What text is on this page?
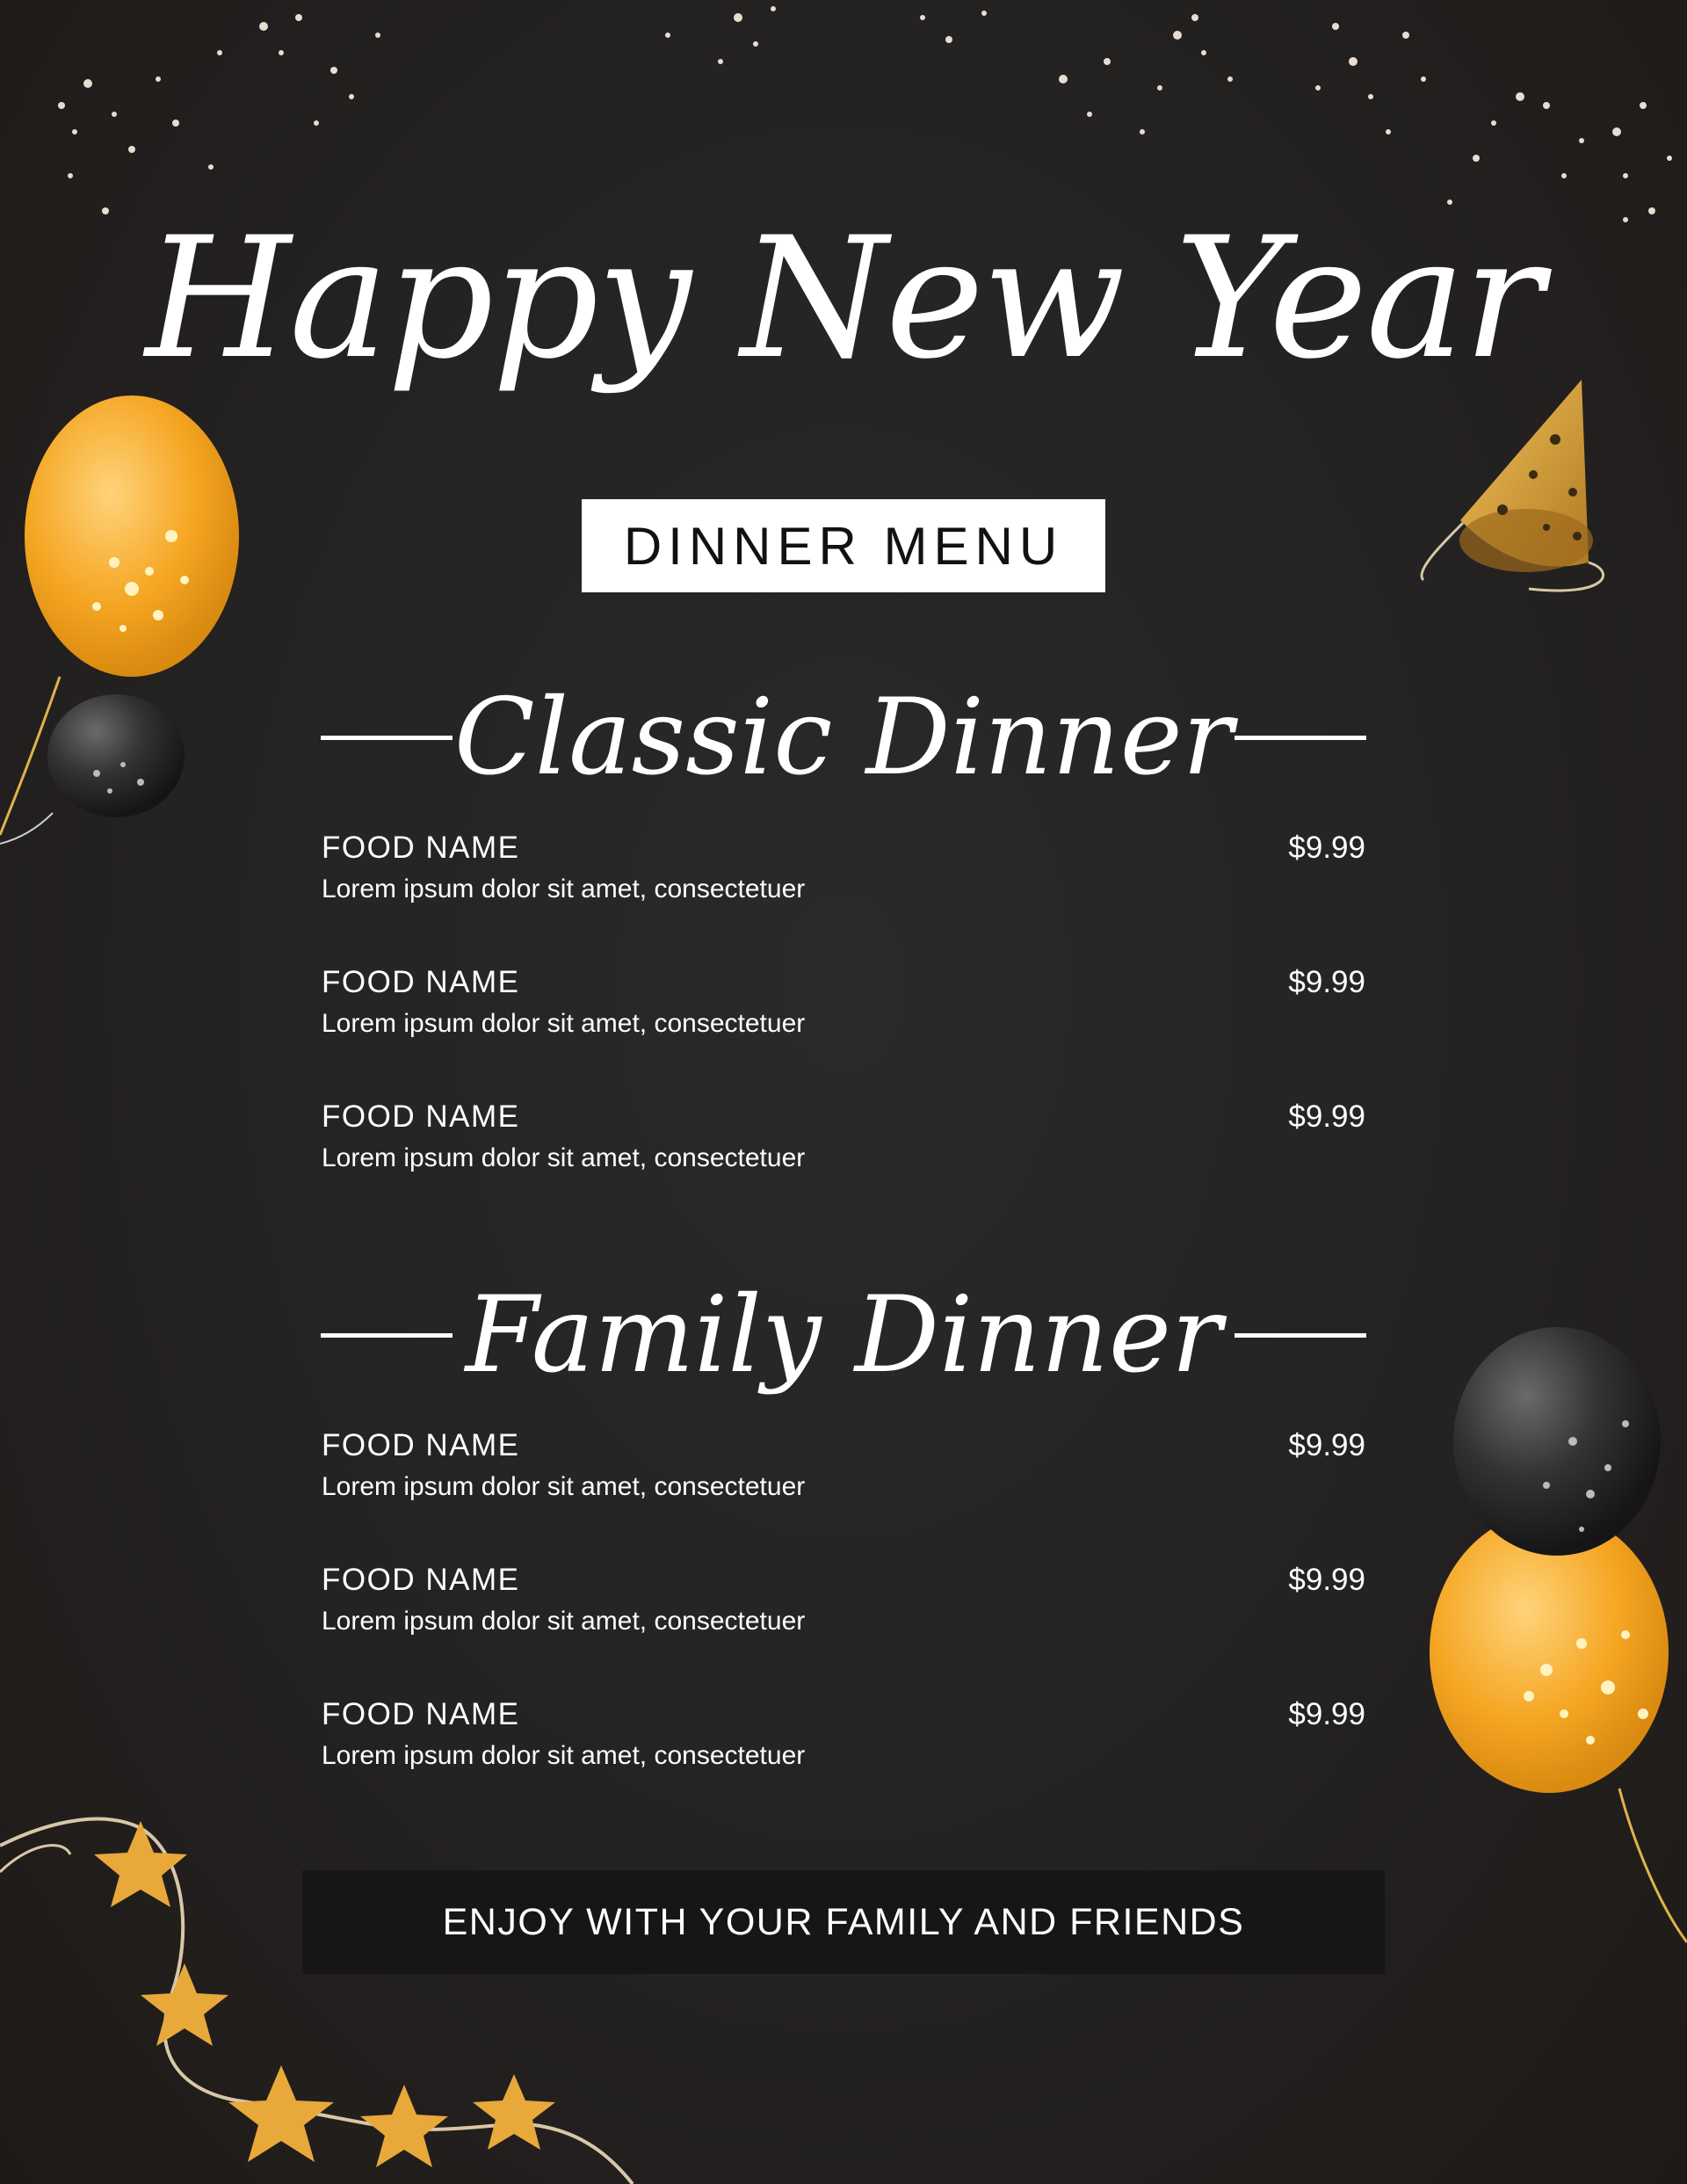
Happy New Year
DINNER MENU
Classic Dinner
FOOD NAME	$9.99
Lorem ipsum dolor sit amet, consectetuer
FOOD NAME	$9.99
Lorem ipsum dolor sit amet, consectetuer
FOOD NAME	$9.99
Lorem ipsum dolor sit amet, consectetuer
Family Dinner
FOOD NAME	$9.99
Lorem ipsum dolor sit amet, consectetuer
FOOD NAME	$9.99
Lorem ipsum dolor sit amet, consectetuer
FOOD NAME	$9.99
Lorem ipsum dolor sit amet, consectetuer
ENJOY WITH YOUR FAMILY AND FRIENDS
